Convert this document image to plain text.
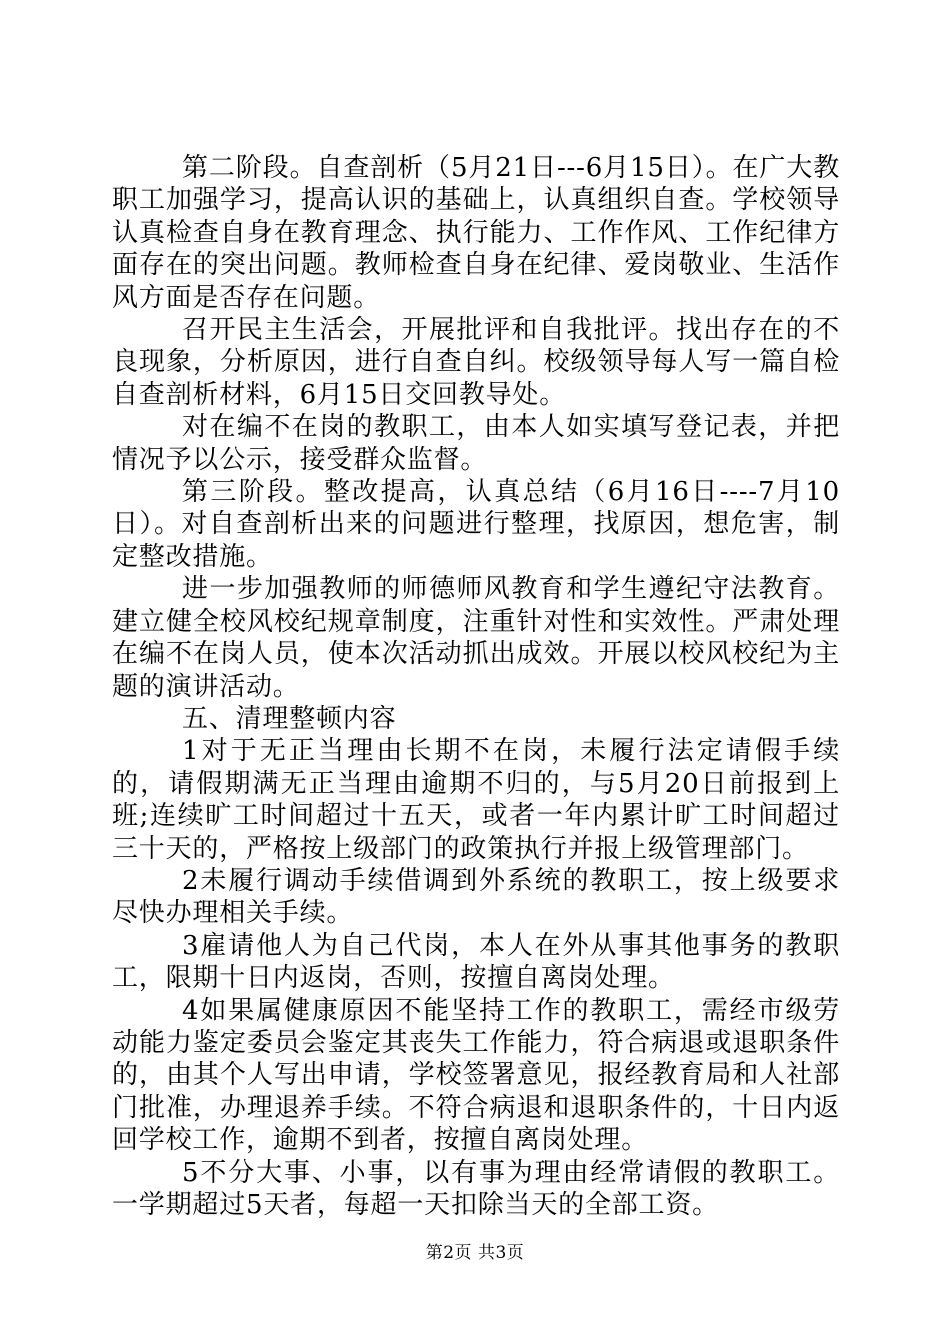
第二阶段。自查剖析（5月21日---6月15日）。在广大教职工加强学习，提高认识的基础上，认真组织自查。学校领导认真检查自身在教育理念、执行能力、工作作风、工作纪律方面存在的突出问题。教师检查自身在纪律、爱岗敬业、生活作风方面是否存在问题。

召开民主生活会，开展批评和自我批评。找出存在的不良现象，分析原因，进行自查自纠。校级领导每人写一篇自检自查剖析材料，6月15日交回教导处。

对在编不在岗的教职工，由本人如实填写登记表，并把情况予以公示，接受群众监督。

第三阶段。整改提高，认真总结（6月16日----7月10日）。对自查剖析出来的问题进行整理，找原因，想危害，制定整改措施。

进一步加强教师的师德师风教育和学生遵纪守法教育。建立健全校风校纪规章制度，注重针对性和实效性。严肃处理在编不在岗人员，使本次活动抓出成效。开展以校风校纪为主题的演讲活动。

五、清理整顿内容

1对于无正当理由长期不在岗，未履行法定请假手续的，请假期满无正当理由逾期不归的，与5月20日前报到上班;连续旷工时间超过十五天，或者一年内累计旷工时间超过三十天的，严格按上级部门的政策执行并报上级管理部门。

2未履行调动手续借调到外系统的教职工，按上级要求尽快办理相关手续。

3雇请他人为自己代岗，本人在外从事其他事务的教职工，限期十日内返岗，否则，按擅自离岗处理。

4如果属健康原因不能坚持工作的教职工，需经市级劳动能力鉴定委员会鉴定其丧失工作能力，符合病退或退职条件的，由其个人写出申请，学校签署意见，报经教育局和人社部门批准，办理退养手续。不符合病退和退职条件的，十日内返回学校工作，逾期不到者，按擅自离岗处理。

5不分大事、小事，以有事为理由经常请假的教职工。一学期超过5天者，每超一天扣除当天的全部工资。

第2页 共3页
